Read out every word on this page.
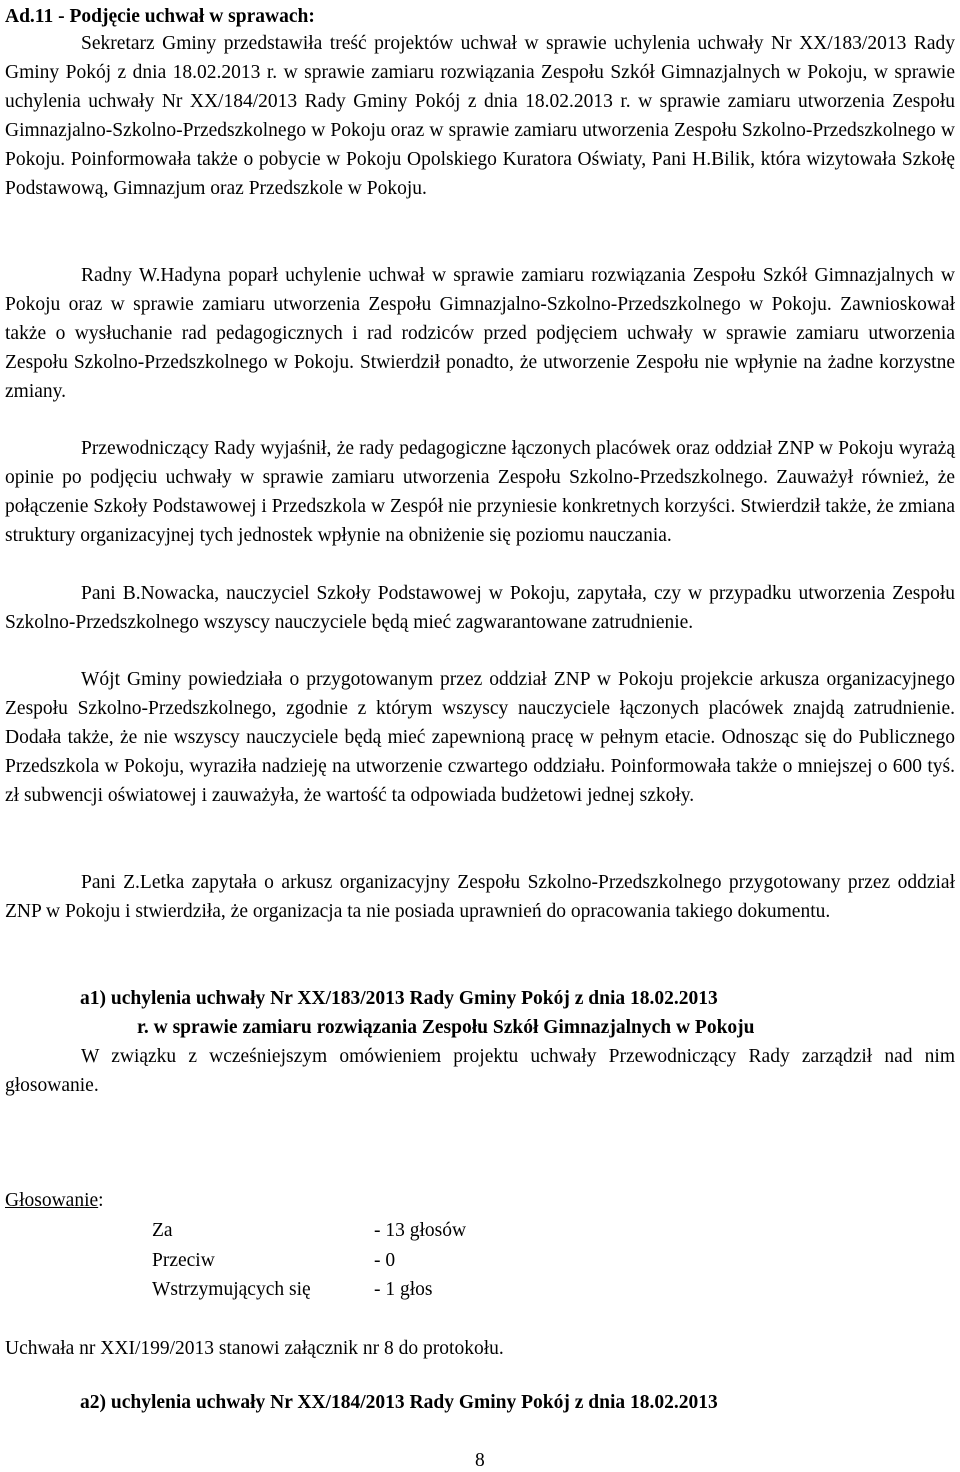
Ad.11 - Podjęcie uchwał w sprawach:

Sekretarz Gminy przedstawiła treść projektów uchwał w sprawie uchylenia uchwały Nr XX/183/2013 Rady Gminy Pokój z dnia 18.02.2013 r. w sprawie zamiaru rozwiązania Zespołu Szkół Gimnazjalnych w Pokoju, w sprawie uchylenia uchwały Nr XX/184/2013 Rady Gminy Pokój z dnia 18.02.2013 r. w sprawie zamiaru utworzenia Zespołu Gimnazjalno-Szkolno-Przedszkolnego w Pokoju oraz w sprawie zamiaru utworzenia Zespołu Szkolno-Przedszkolnego w Pokoju. Poinformowała także o pobycie w Pokoju Opolskiego Kuratora Oświaty, Pani H.Bilik, która wizytowała Szkołę Podstawową, Gimnazjum oraz Przedszkole w Pokoju.

Radny W.Hadyna poparł uchylenie uchwał w sprawie zamiaru rozwiązania Zespołu Szkół Gimnazjalnych w Pokoju oraz w sprawie zamiaru utworzenia Zespołu Gimnazjalno-Szkolno-Przedszkolnego w Pokoju. Zawnioskował także o wysłuchanie rad pedagogicznych i rad rodziców przed podjęciem uchwały w sprawie zamiaru utworzenia Zespołu Szkolno-Przedszkolnego w Pokoju. Stwierdził ponadto, że utworzenie Zespołu nie wpłynie na żadne korzystne zmiany.

Przewodniczący Rady wyjaśnił, że rady pedagogiczne łączonych placówek oraz oddział ZNP w Pokoju wyrażą opinie po podjęciu uchwały w sprawie zamiaru utworzenia Zespołu Szkolno-Przedszkolnego. Zauważył również, że połączenie Szkoły Podstawowej i Przedszkola w Zespół nie przyniesie konkretnych korzyści. Stwierdził także, że zmiana struktury organizacyjnej tych jednostek wpłynie na obniżenie się poziomu nauczania.

Pani B.Nowacka, nauczyciel Szkoły Podstawowej w Pokoju, zapytała, czy w przypadku utworzenia Zespołu Szkolno-Przedszkolnego wszyscy nauczyciele będą mieć zagwarantowane zatrudnienie.

Wójt Gminy powiedziała o przygotowanym przez oddział ZNP w Pokoju projekcie arkusza organizacyjnego Zespołu Szkolno-Przedszkolnego, zgodnie z którym wszyscy nauczyciele łączonych placówek znajdą zatrudnienie. Dodała także, że nie wszyscy nauczyciele będą mieć zapewnioną pracę w pełnym etacie. Odnosząc się do Publicznego Przedszkola w Pokoju, wyraziła nadzieję na utworzenie czwartego oddziału. Poinformowała także o mniejszej o 600 tyś. zł subwencji oświatowej i zauważyła, że wartość ta odpowiada budżetowi jednej szkoły.

Pani Z.Letka zapytała o arkusz organizacyjny Zespołu Szkolno-Przedszkolnego przygotowany przez oddział ZNP w Pokoju i stwierdziła, że organizacja ta nie posiada uprawnień do opracowania takiego dokumentu.

a1) uchylenia uchwały Nr XX/183/2013 Rady Gminy Pokój z dnia 18.02.2013
r. w sprawie zamiaru rozwiązania Zespołu Szkół Gimnazjalnych w Pokoju

W związku z wcześniejszym omówieniem projektu uchwały Przewodniczący Rady zarządził nad nim głosowanie.

Głosowanie:
Za	- 13 głosów
Przeciw	- 0
Wstrzymujących się	- 1 głos
Uchwała nr XXI/199/2013 stanowi załącznik nr 8 do protokołu.
a2) uchylenia uchwały Nr XX/184/2013 Rady Gminy Pokój z dnia 18.02.2013
8
